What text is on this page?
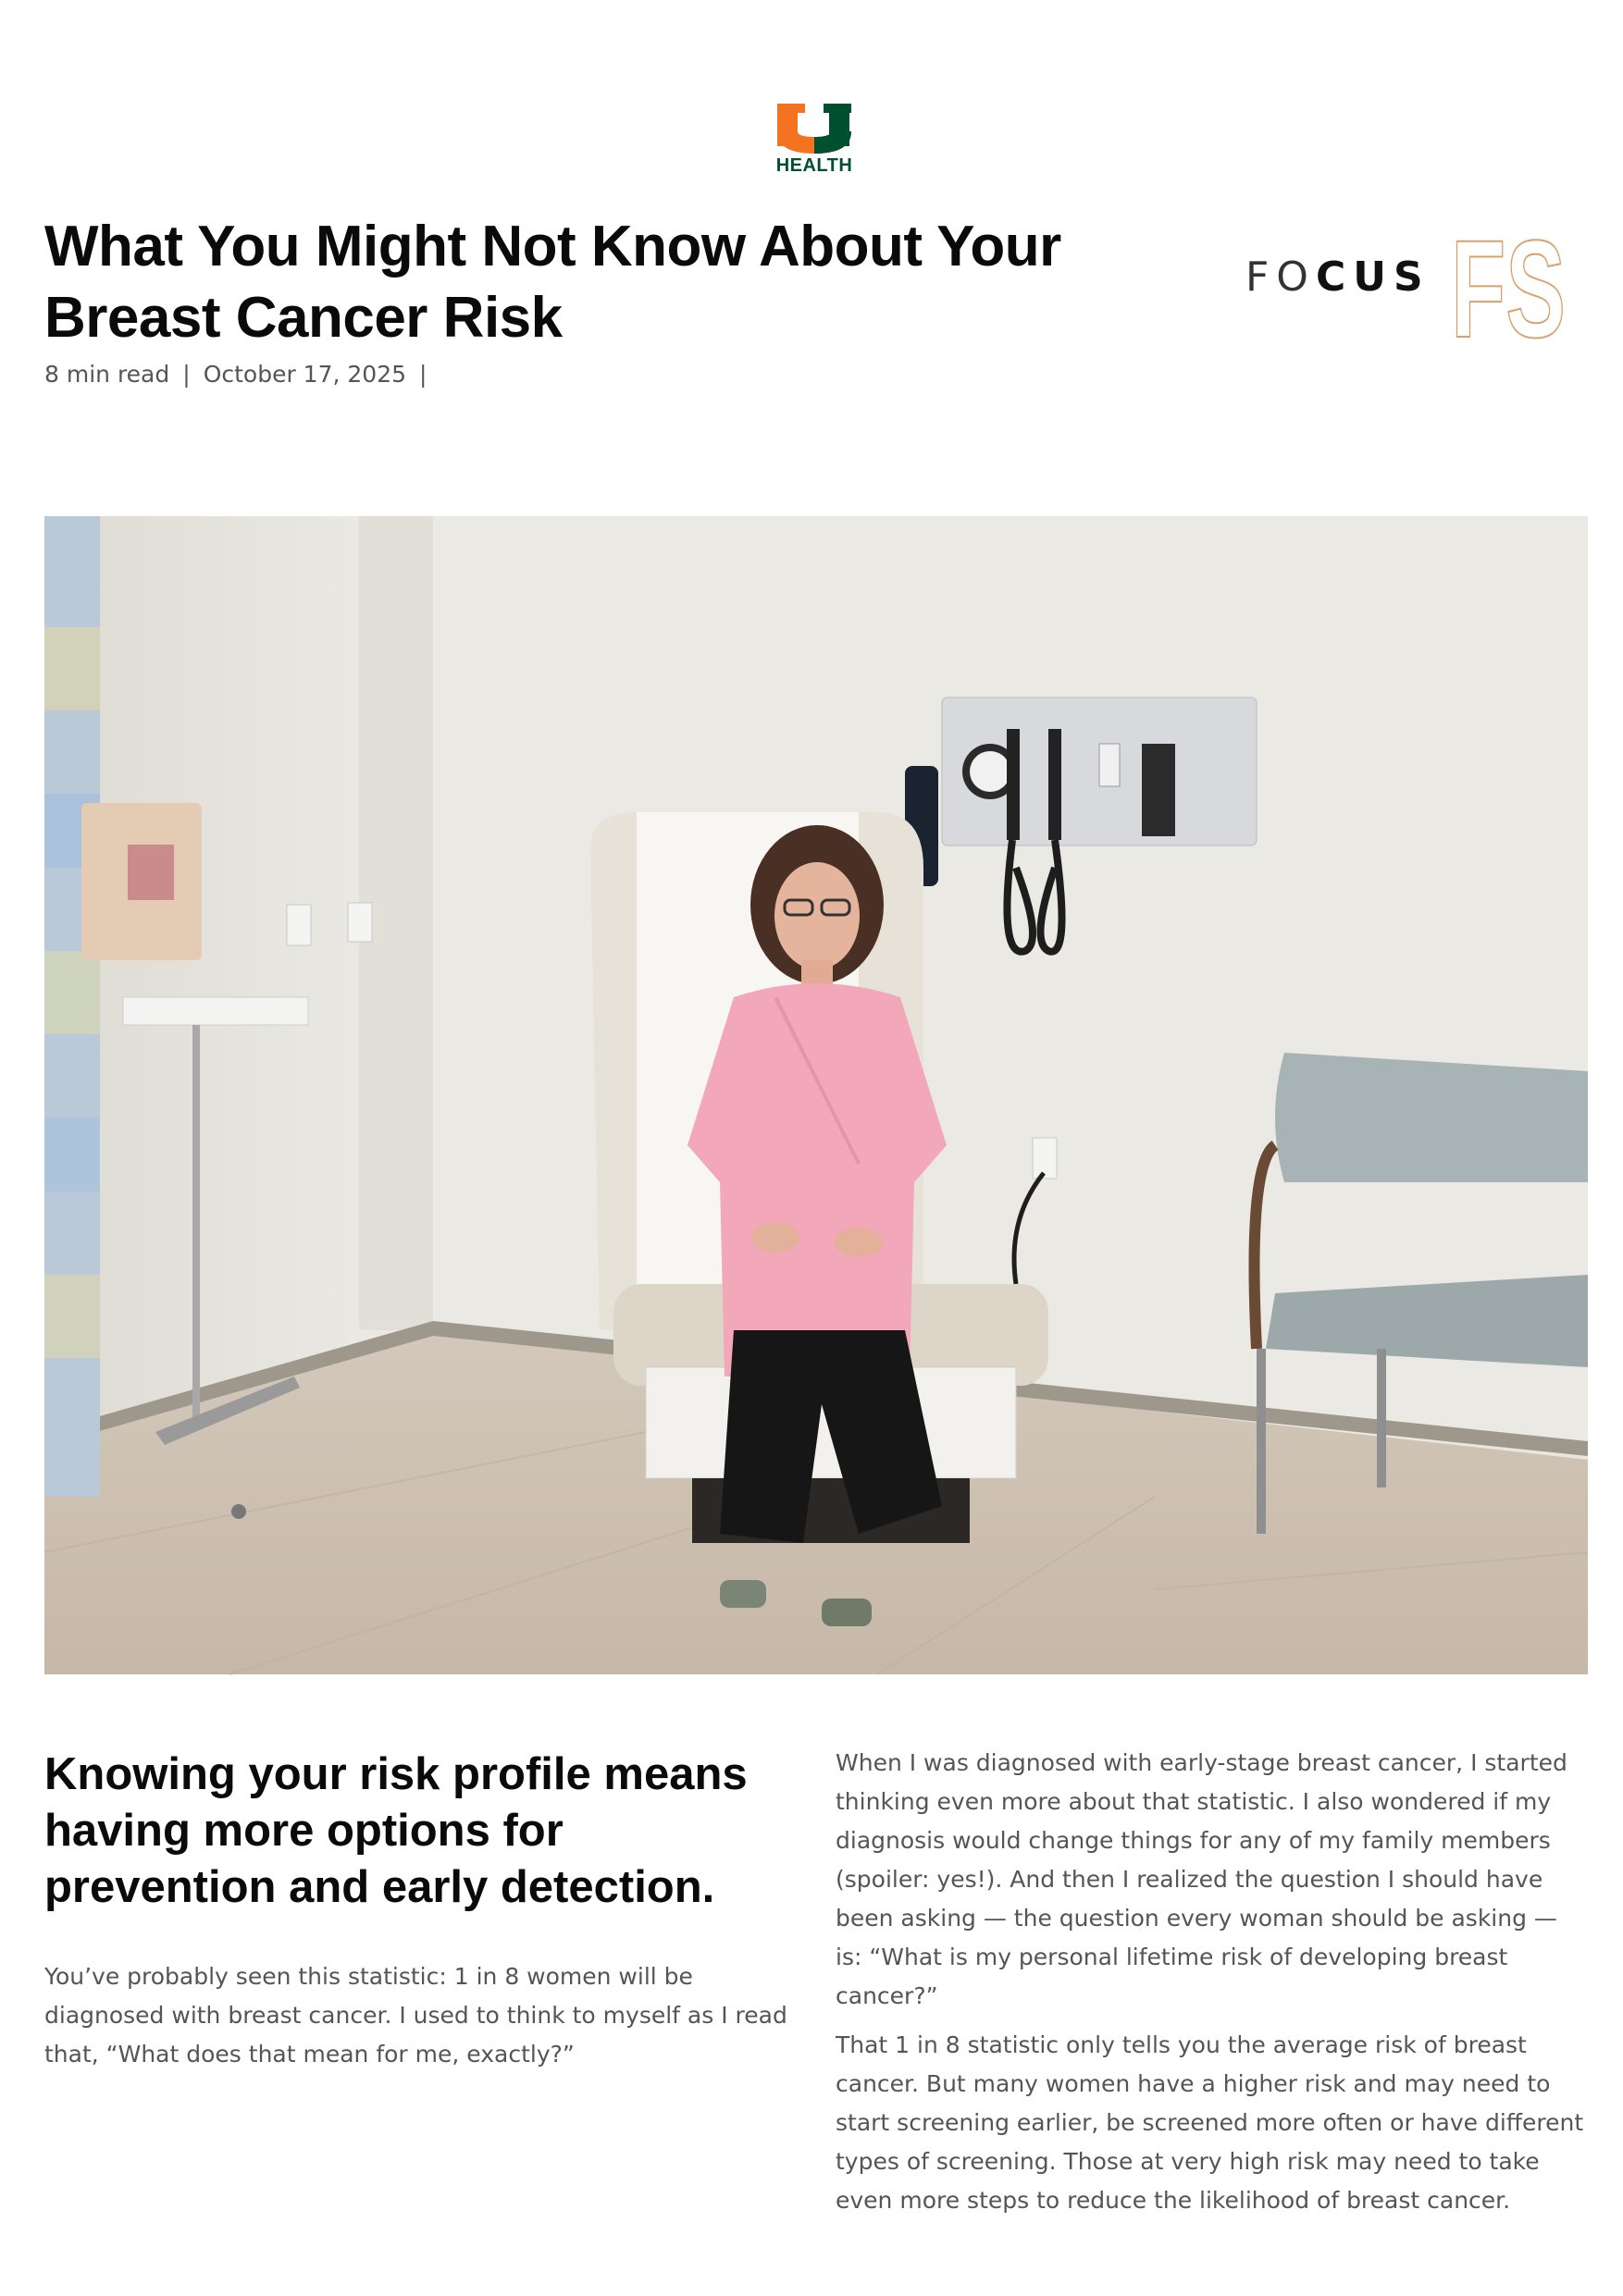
HEALTH
What You Might Not Know About Your Breast Cancer Risk
8 min read | October 17, 2025 |
FOCUS FS
Knowing your risk profile means having more options for prevention and early detection.

You’ve probably seen this statistic: 1 in 8 women will be diagnosed with breast cancer. I used to think to myself as I read that, “What does that mean for me, exactly?”

When I was diagnosed with early-stage breast cancer, I started thinking even more about that statistic. I also wondered if my diagnosis would change things for any of my family members (spoiler: yes!). And then I realized the question I should have been asking — the question every woman should be asking — is: “What is my personal lifetime risk of developing breast cancer?”

That 1 in 8 statistic only tells you the average risk of breast cancer. But many women have a higher risk and may need to start screening earlier, be screened more often or have different types of screening. Those at very high risk may need to take even more steps to reduce the likelihood of breast cancer.
